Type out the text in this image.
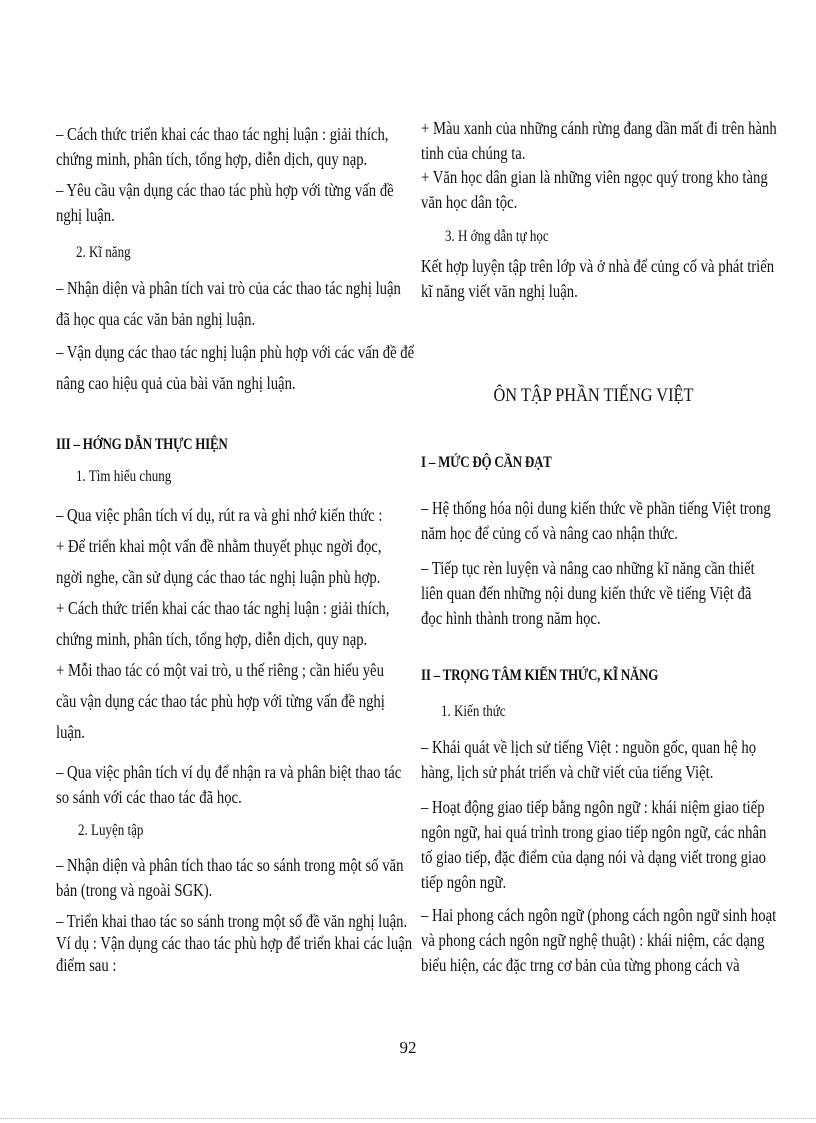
– Cách thức triển khai các thao tác nghị luận : giải thích,
chứng minh, phân tích, tổng hợp, diễn dịch, quy nạp.
– Yêu cầu vận dụng các thao tác phù hợp với từng vấn đề
nghị luận.
2. Kĩ năng
– Nhận diện và phân tích vai trò của các thao tác nghị luận
đã học qua các văn bản nghị luận.
– Vận dụng các thao tác nghị luận phù hợp với các vấn đề để
nâng cao hiệu quả của bài văn nghị luận.
III – HỚNG DẪN THỰC HIỆN
1. Tìm hiểu chung
– Qua việc phân tích ví dụ, rút ra và ghi nhớ kiến thức :
+ Để triển khai một vấn đề nhằm thuyết phục ngời đọc,
ngời nghe, cần sử dụng các thao tác nghị luận phù hợp.
+ Cách thức triển khai các thao tác nghị luận : giải thích,
chứng minh, phân tích, tổng hợp, diễn dịch, quy nạp.
+ Mỗi thao tác có một vai trò, u thế riêng ; cần hiểu yêu
cầu vận dụng các thao tác phù hợp với từng vấn đề nghị
luận.
– Qua việc phân tích ví dụ để nhận ra và phân biệt thao tác
so sánh với các thao tác đã học.
2. Luyện tập
– Nhận diện và phân tích thao tác so sánh trong một số văn
bản (trong và ngoài SGK).
– Triển khai thao tác so sánh trong một số đề văn nghị luận.
Ví dụ : Vận dụng các thao tác phù hợp để triển khai các luận
điểm sau :
+ Màu xanh của những cánh rừng đang dần mất đi trên hành
tinh của chúng ta.
+ Văn học dân gian là những viên ngọc quý trong kho tàng
văn học dân tộc.
3. H ớng dẫn tự học
Kết hợp luyện tập trên lớp và ở nhà để củng cố và phát triển
kĩ năng viết văn nghị luận.
ÔN TẬP PHẦN TIẾNG VIỆT
I – MỨC ĐỘ CẦN ĐẠT
– Hệ thống hóa nội dung kiến thức về phần tiếng Việt trong
năm học để củng cố và nâng cao nhận thức.
– Tiếp tục rèn luyện và nâng cao những kĩ năng cần thiết
liên quan đến những nội dung kiến thức về tiếng Việt đã
đọc hình thành trong năm học.
II – TRỌNG TÂM KIẾN THỨC, KĨ NĂNG
1. Kiến thức
– Khái quát về lịch sử tiếng Việt : nguồn gốc, quan hệ họ
hàng, lịch sử phát triển và chữ viết của tiếng Việt.
– Hoạt động giao tiếp bằng ngôn ngữ : khái niệm giao tiếp
ngôn ngữ, hai quá trình trong giao tiếp ngôn ngữ, các nhân
tố giao tiếp, đặc điểm của dạng nói và dạng viết trong giao
tiếp ngôn ngữ.
– Hai phong cách ngôn ngữ (phong cách ngôn ngữ sinh hoạt
và phong cách ngôn ngữ nghệ thuật) : khái niệm, các dạng
biểu hiện, các đặc trng cơ bản của từng phong cách và
92
